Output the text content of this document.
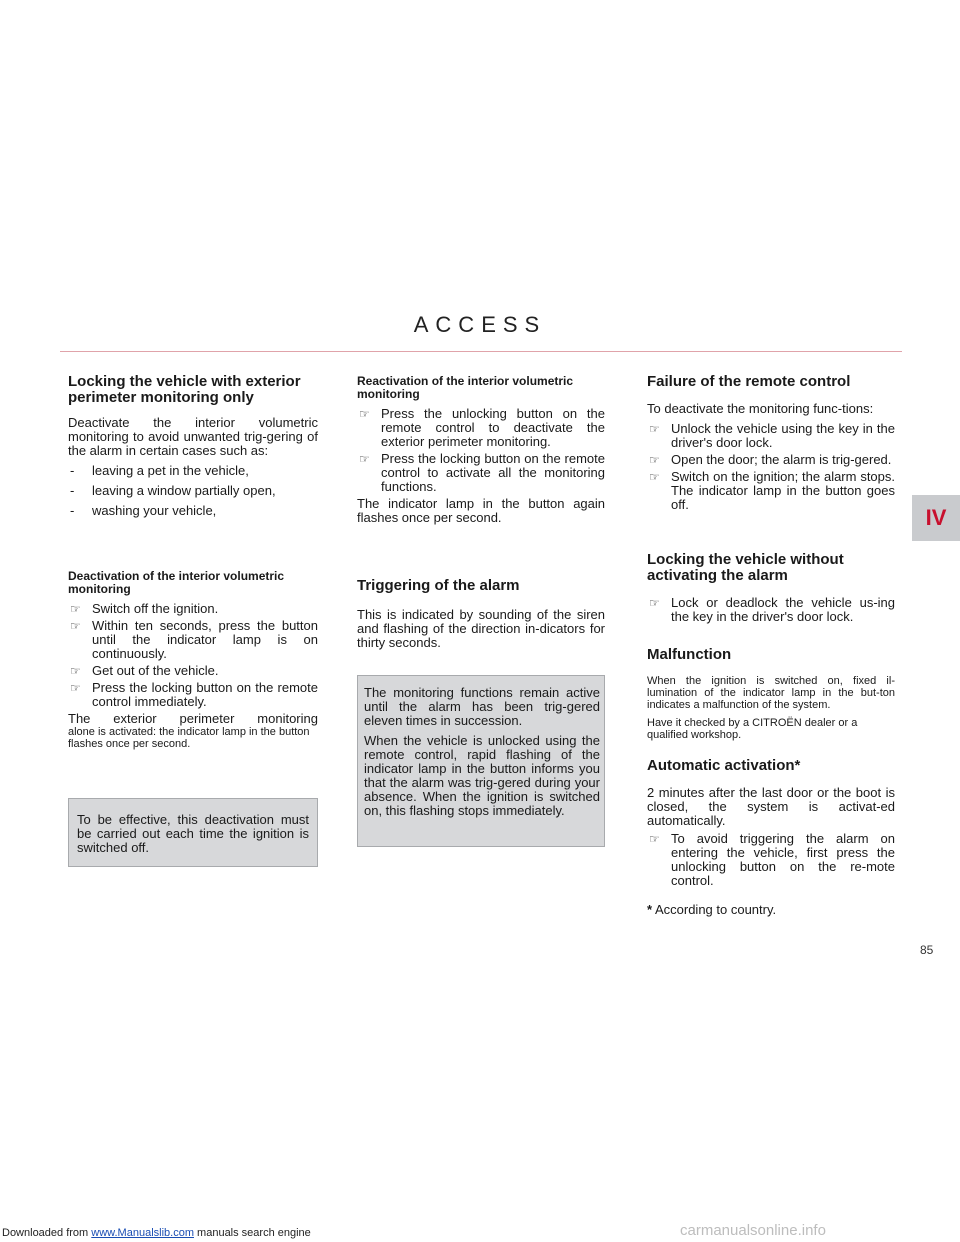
ACCESS
IV
Locking the vehicle with exterior perimeter monitoring only

Deactivate the interior volumetric monitoring to avoid unwanted trig-gering of the alarm in certain cases such as:

- leaving a pet in the vehicle,
- leaving a window partially open,
- washing your vehicle,
Deactivation of the interior volumetric monitoring
☞ Switch off the ignition.
☞ Within ten seconds, press the button until the indicator lamp is on continuously.
☞ Get out of the vehicle.
☞ Press the locking button on the remote control immediately.

The exterior perimeter monitoring

alone is activated: the indicator lamp in the button flashes once per second.

To be effective, this deactivation must be carried out each time the ignition is switched off.

Reactivation of the interior volumetric monitoring
☞ Press the unlocking button on the remote control to deactivate the exterior perimeter monitoring.
☞ Press the locking button on the remote control to activate all the monitoring functions.

The indicator lamp in the button again flashes once per second.

Triggering of the alarm

This is indicated by sounding of the siren and flashing of the direction in-dicators for thirty seconds.

The monitoring functions remain active until the alarm has been trig-gered eleven times in succession.

When the vehicle is unlocked using the remote control, rapid flashing of the indicator lamp in the button informs you that the alarm was trig-gered during your absence. When the ignition is switched on, this flashing stops immediately.

Failure of the remote control

To deactivate the monitoring func-tions:

☞ Unlock the vehicle using the key in the driver's door lock.
☞ Open the door; the alarm is trig-gered.
☞ Switch on the ignition; the alarm stops. The indicator lamp in the button goes off.
Locking the vehicle without activating the alarm
☞ Lock or deadlock the vehicle us-ing the key in the driver's door lock.
Malfunction

When the ignition is switched on, fixed il-lumination of the indicator lamp in the but-ton indicates a malfunction of the system.

Have it checked by a CITROËN dealer or a qualified workshop.

Automatic activation*

2 minutes after the last door or the boot is closed, the system is activat-ed automatically.

☞ To avoid triggering the alarm on entering the vehicle, first press the unlocking button on the re-mote control.
* According to country.
85
Downloaded from www.Manualslib.com manuals search engine	carmanualsonline.info
